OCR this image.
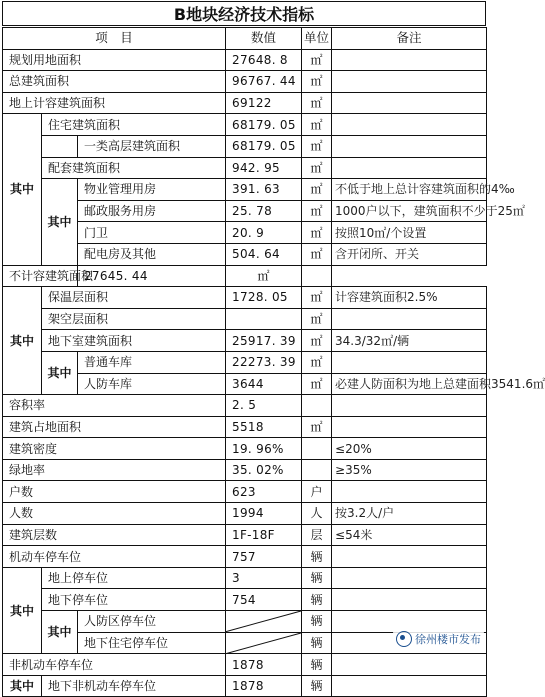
B地块经济技术指标
项　目			数值	单位	备注
规划用地面积			27648. 8	㎡	
总建筑面积			96767. 44	㎡	
地上计容建筑面积			69122	㎡	
其中	住宅建筑面积		68179. 05	㎡	
		一类高层建筑面积	68179. 05	㎡	
	配套建筑面积		942. 95	㎡	
	其中	物业管理用房	391. 63	㎡	不低于地上总计容建筑面积的4‰
		邮政服务用房	25. 78	㎡	1000户以下，建筑面积不少于25㎡
		门卫	20. 9	㎡	按照10㎡/个设置
		配电房及其他	504. 64	㎡	含开闭所、开关
不计容建筑面积		27645. 44	㎡		
其中	保温层面积		1728. 05	㎡	计容建筑面积2.5%
	架空层面积			㎡	
	地下室建筑面积		25917. 39	㎡	34.3/32㎡/辆
	其中	普通车库	22273. 39	㎡	
		人防车库	3644	㎡	必建人防面积为地上总建面积3541.6㎡
容积率			2. 5		
建筑占地面积			5518	㎡	
建筑密度			19. 96%		≤20%
绿地率			35. 02%		≥35%
户数			623	户	
人数			1994	人	按3.2人/户
建筑层数			1F-18F	层	≤54米
机动车停车位			757	辆	
其中	地上停车位		3	辆	
	地下停车位		754	辆	
	其中	人防区停车位		辆	
		地下住宅停车位		辆	
非机动车停车位			1878	辆	
其中	地下非机动车停车位		1878	辆	
徐州楼市发布
